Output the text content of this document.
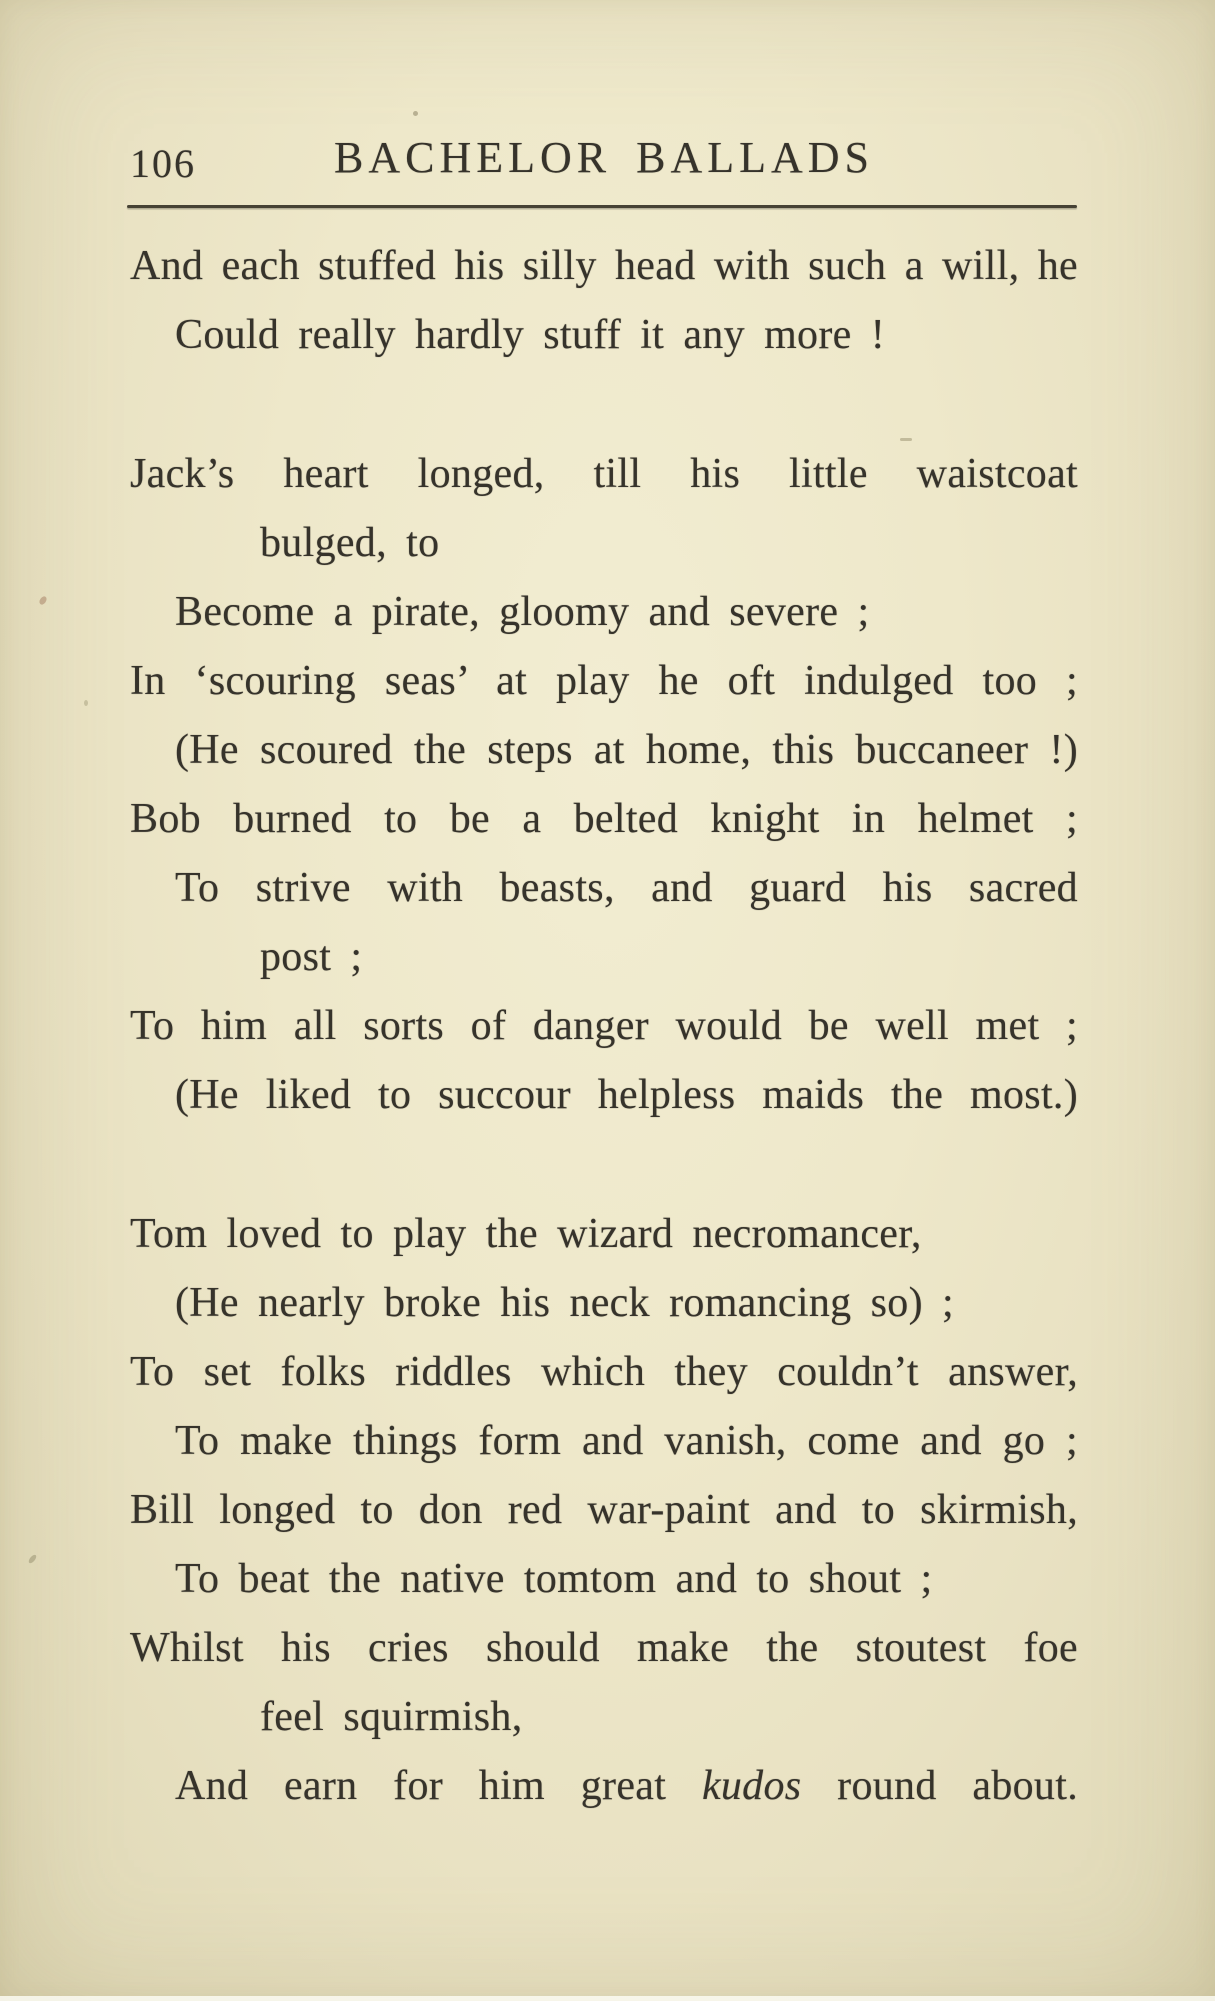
106	BACHELOR BALLADS
And each stuffed his silly head with such a will, he
Could really hardly stuff it any more !
Jack’s heart longed, till his little waistcoat
bulged, to
Become a pirate, gloomy and severe ;
In ‘scouring seas’ at play he oft indulged too ;
(He scoured the steps at home, this buccaneer !)
Bob burned to be a belted knight in helmet ;
To strive with beasts, and guard his sacred
post ;
To him all sorts of danger would be well met ;
(He liked to succour helpless maids the most.)
Tom loved to play the wizard necromancer,
(He nearly broke his neck romancing so) ;
To set folks riddles which they couldn’t answer,
To make things form and vanish, come and go ;
Bill longed to don red war-paint and to skirmish,
To beat the native tomtom and to shout ;
Whilst his cries should make the stoutest foe
feel squirmish,
And earn for him great kudos round about.
